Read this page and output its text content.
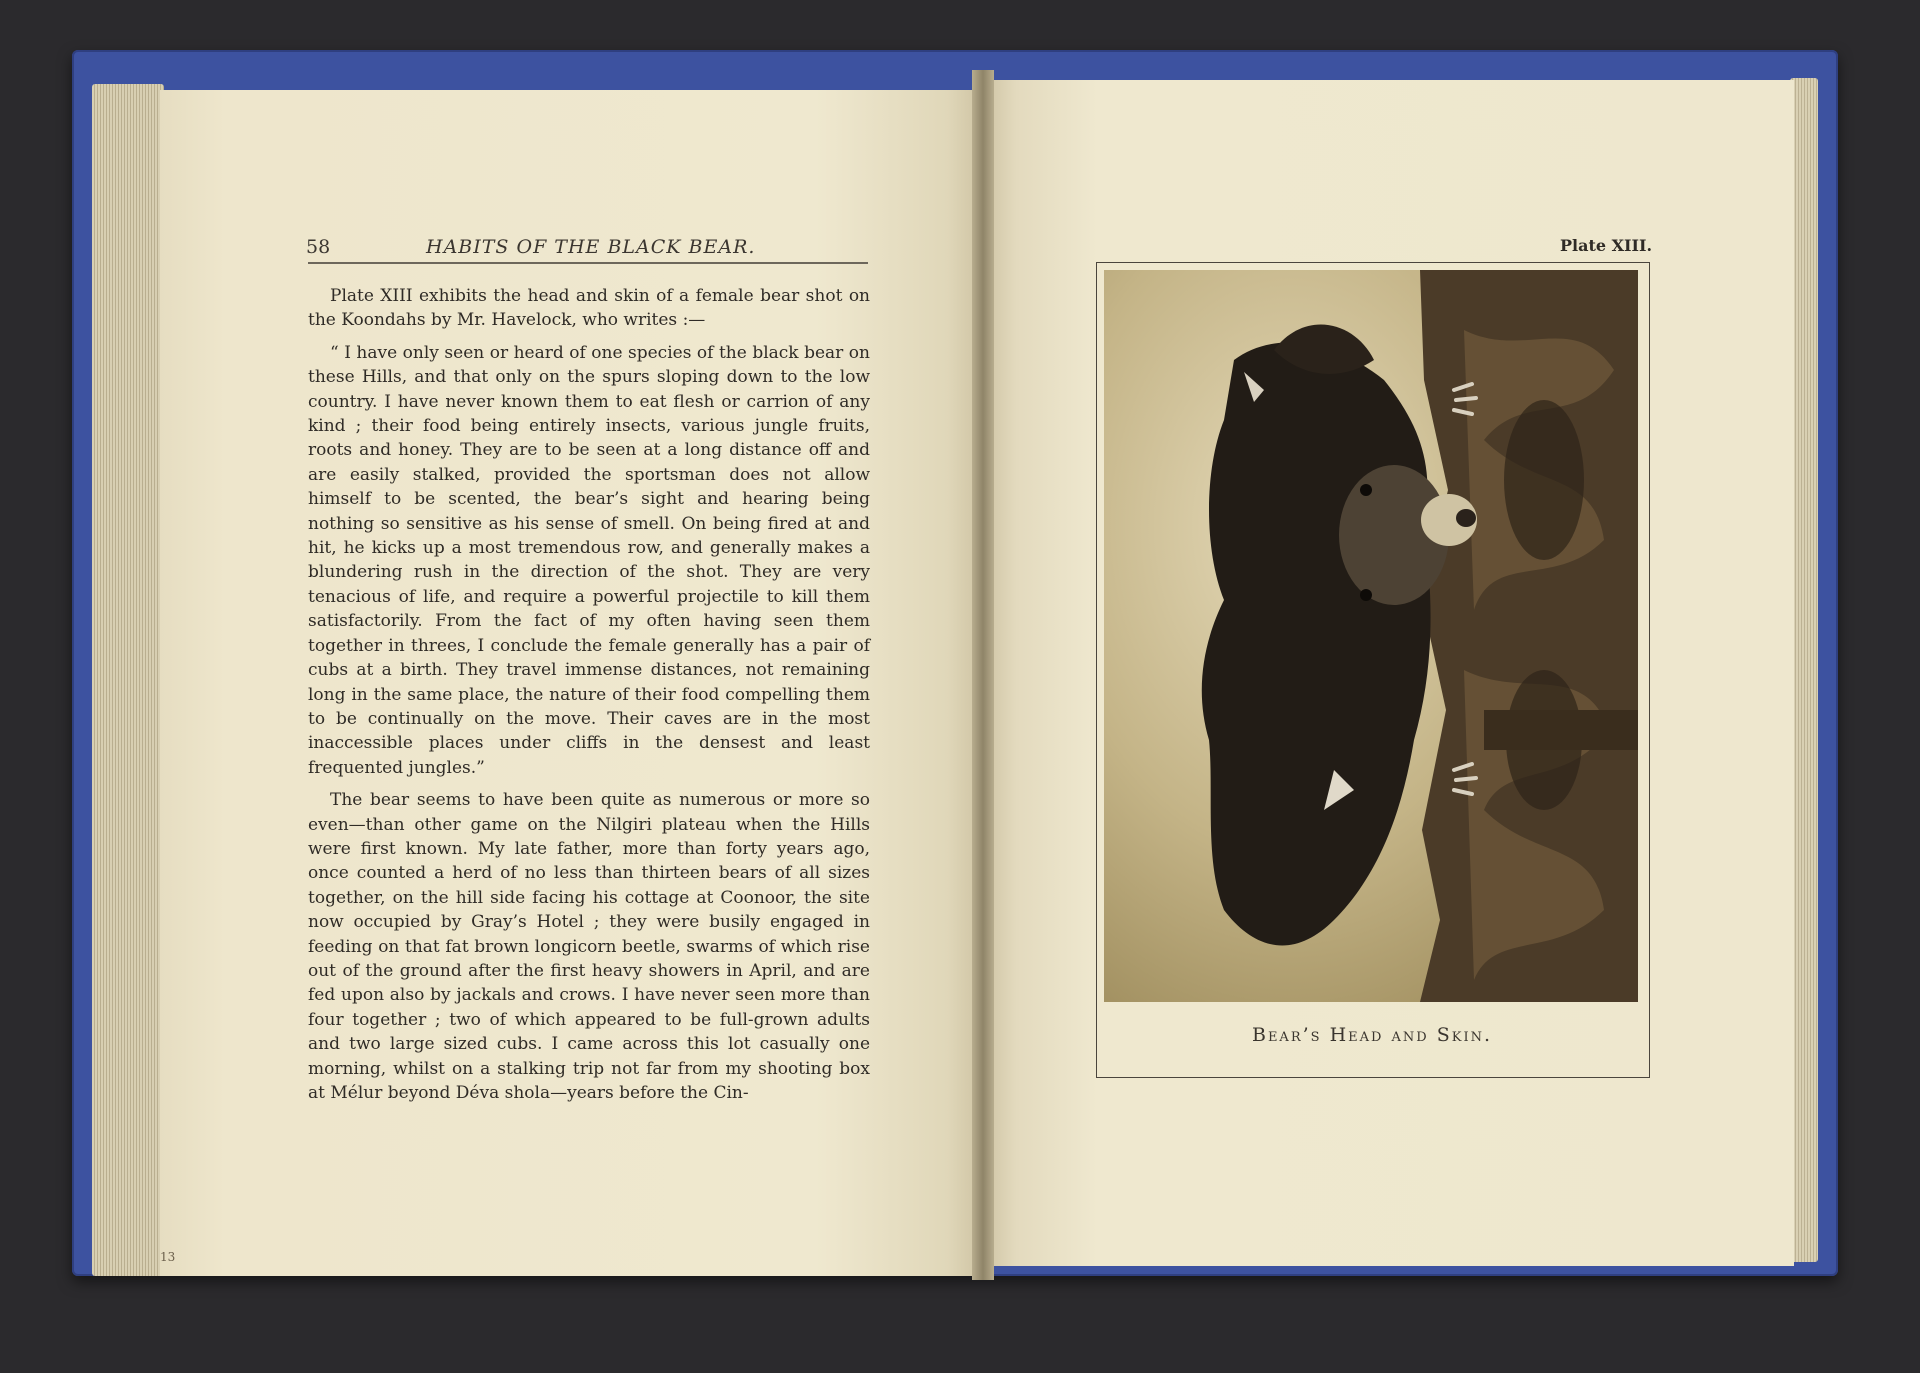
58	HABITS OF THE BLACK BEAR.

Plate XIII exhibits the head and skin of a female bear shot on the Koondahs by Mr. Havelock, who writes :—

“ I have only seen or heard of one species of the black bear on these Hills, and that only on the spurs sloping down to the low country. I have never known them to eat flesh or carrion of any kind ; their food being entirely insects, various jungle fruits, roots and honey. They are to be seen at a long distance off and are easily stalked, provided the sportsman does not allow himself to be scented, the bear’s sight and hearing being nothing so sensitive as his sense of smell. On being fired at and hit, he kicks up a most tremendous row, and generally makes a blundering rush in the direction of the shot. They are very tenacious of life, and require a powerful projectile to kill them satisfactorily. From the fact of my often having seen them together in threes, I conclude the female generally has a pair of cubs at a birth. They travel immense distances, not remaining long in the same place, the nature of their food compelling them to be continually on the move. Their caves are in the most inaccessible places under cliffs in the densest and least frequented jungles.”

The bear seems to have been quite as numerous or more so even—than other game on the Nilgiri plateau when the Hills were first known. My late father, more than forty years ago, once counted a herd of no less than thirteen bears of all sizes together, on the hill side facing his cottage at Coonoor, the site now occupied by Gray’s Hotel ; they were busily engaged in feeding on that fat brown longicorn beetle, swarms of which rise out of the ground after the first heavy showers in April, and are fed upon also by jackals and crows. I have never seen more than four together ; two of which appeared to be full-grown adults and two large sized cubs. I came across this lot casually one morning, whilst on a stalking trip not far from my shooting box at Mélur beyond Déva shola—years before the Cin-

13
Plate XIII.
Bear’s Head and Skin.
